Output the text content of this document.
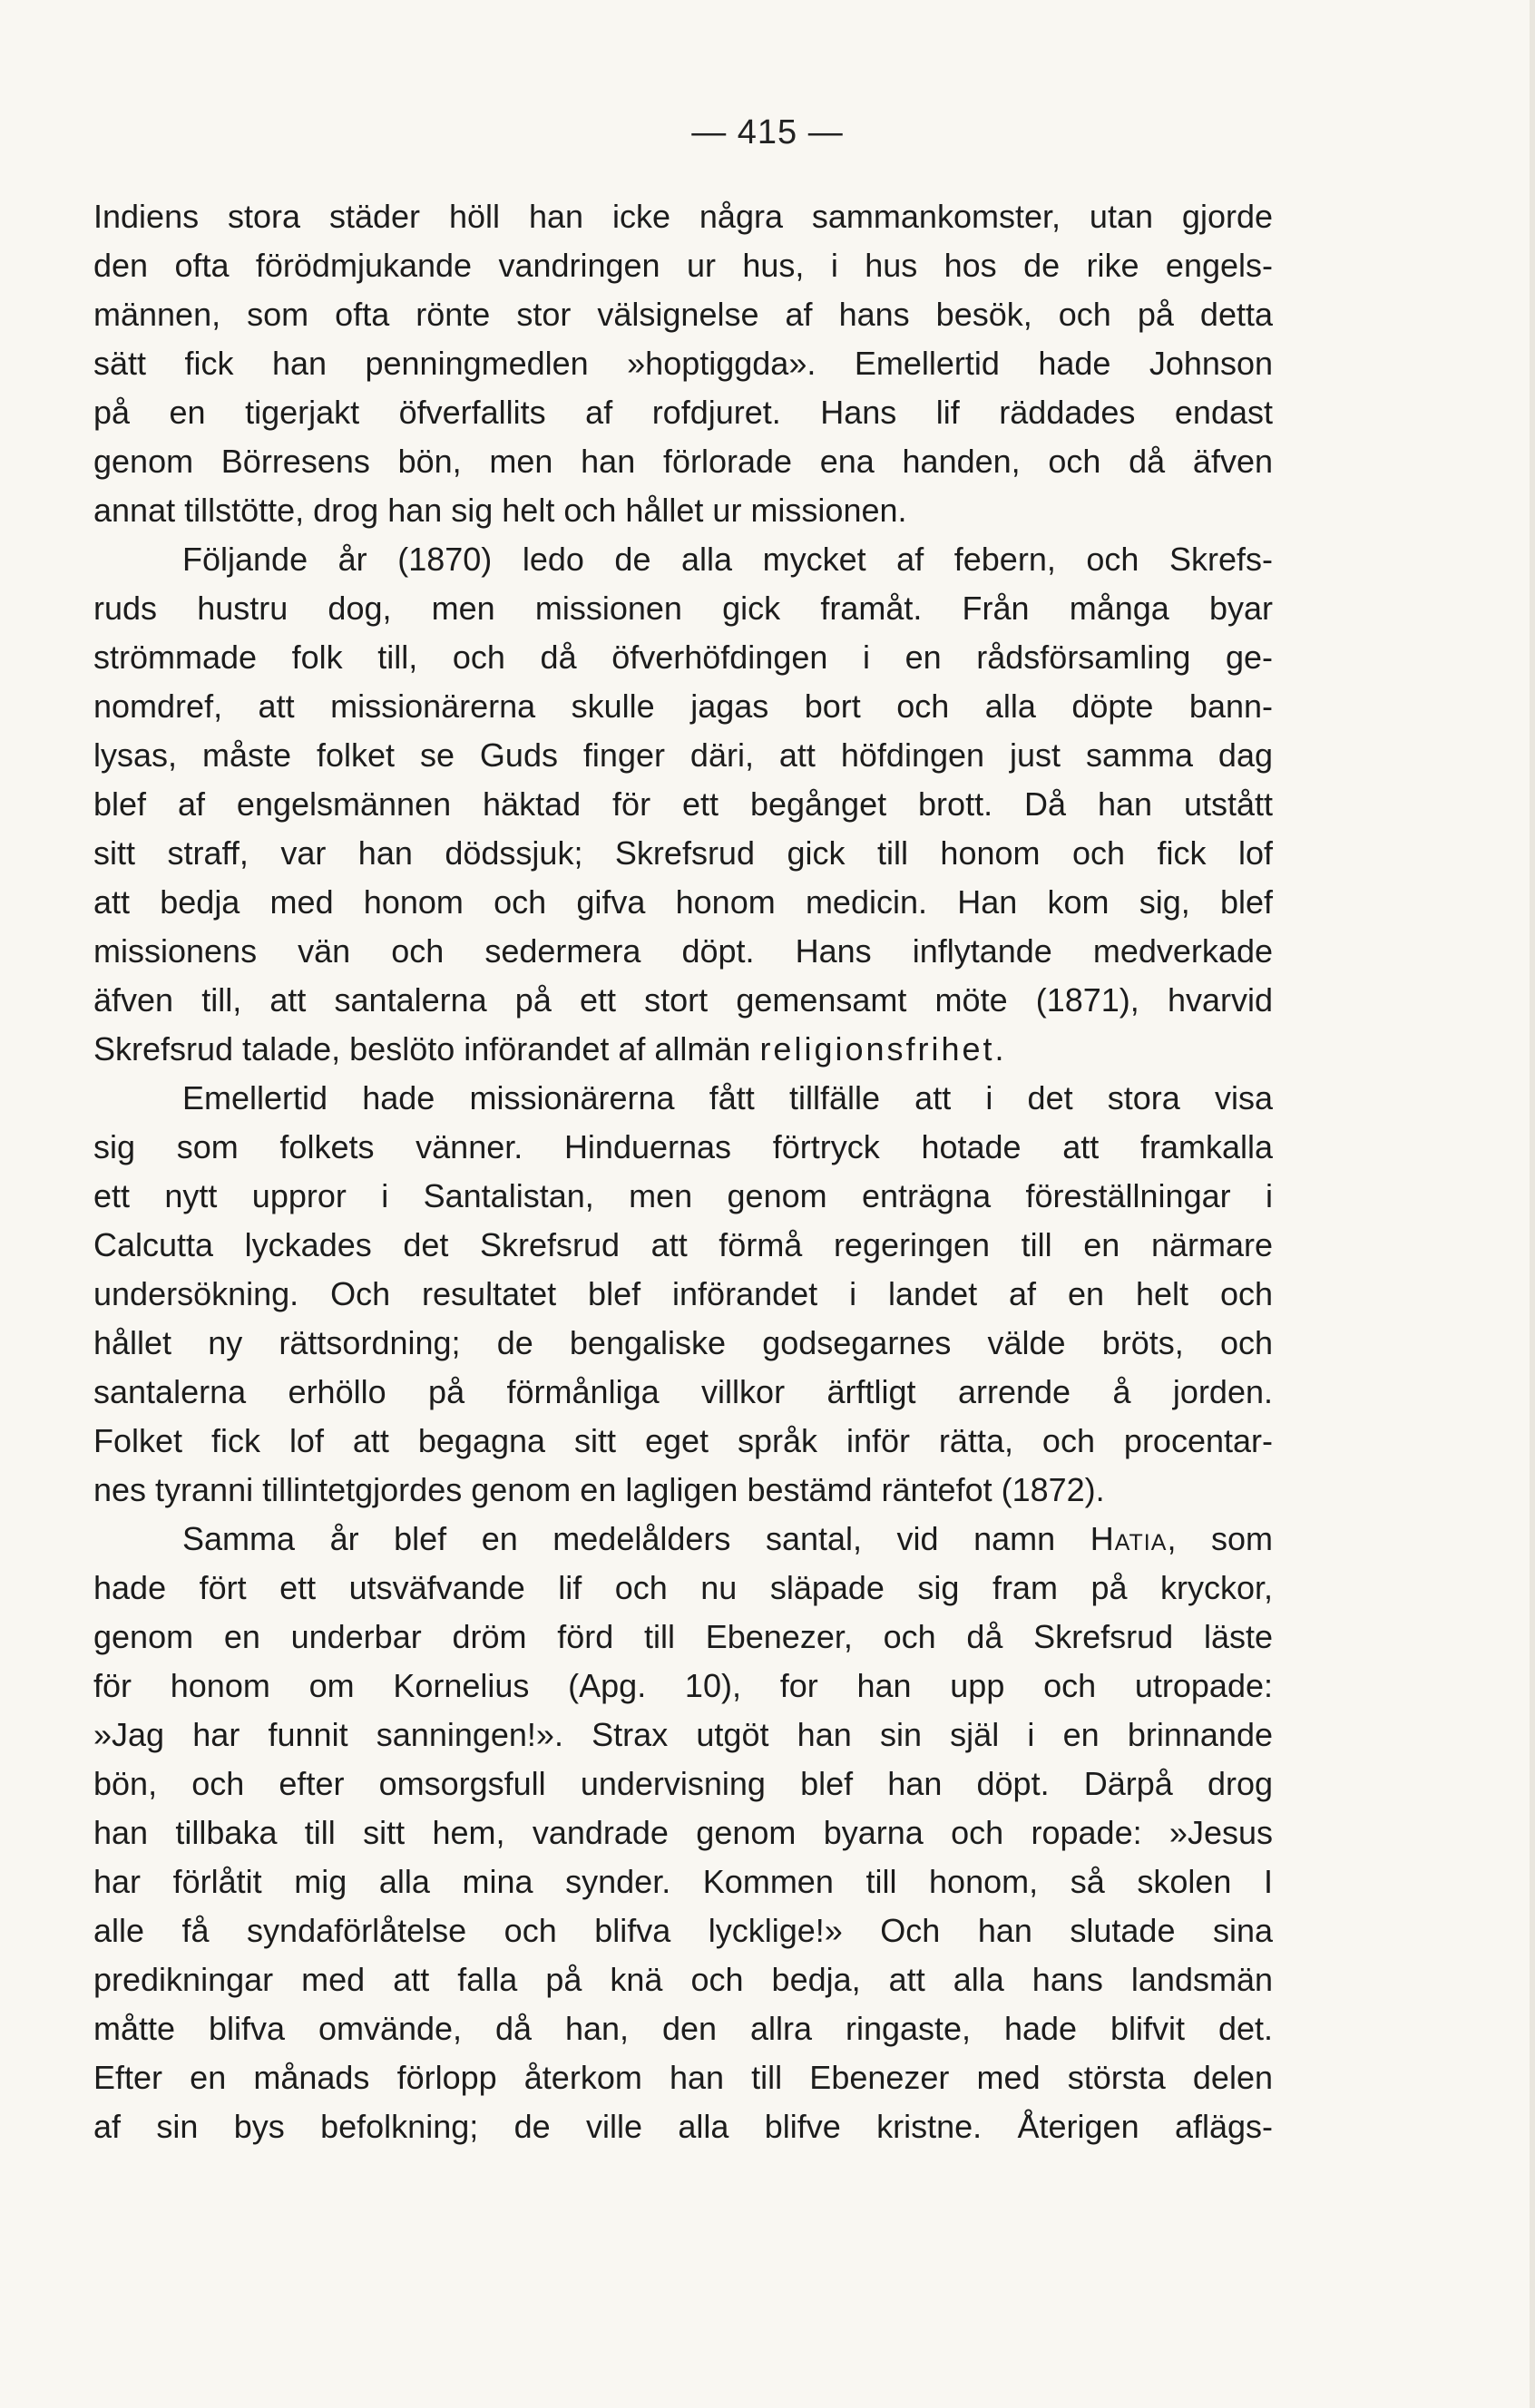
— 415 —
Indiens stora städer höll han icke några sammankomster, utan gjorde
den ofta förödmjukande vandringen ur hus, i hus hos de rike engels-
männen, som ofta rönte stor välsignelse af hans besök, och på detta
sätt fick han penningmedlen »hoptiggda». Emellertid hade Johnson
på en tigerjakt öfverfallits af rofdjuret. Hans lif räddades endast
genom Börresens bön, men han förlorade ena handen, och då äfven
annat tillstötte, drog han sig helt och hållet ur missionen.
Följande år (1870) ledo de alla mycket af febern, och Skrefs-
ruds hustru dog, men missionen gick framåt. Från många byar
strömmade folk till, och då öfverhöfdingen i en rådsförsamling ge-
nomdref, att missionärerna skulle jagas bort och alla döpte bann-
lysas, måste folket se Guds finger däri, att höfdingen just samma dag
blef af engelsmännen häktad för ett begånget brott. Då han utstått
sitt straff, var han dödssjuk; Skrefsrud gick till honom och fick lof
att bedja med honom och gifva honom medicin. Han kom sig, blef
missionens vän och sedermera döpt. Hans inflytande medverkade
äfven till, att santalerna på ett stort gemensamt möte (1871), hvarvid
Skrefsrud talade, beslöto införandet af allmän religionsfrihet.
Emellertid hade missionärerna fått tillfälle att i det stora visa
sig som folkets vänner. Hinduernas förtryck hotade att framkalla
ett nytt uppror i Santalistan, men genom enträgna föreställningar i
Calcutta lyckades det Skrefsrud att förmå regeringen till en närmare
undersökning. Och resultatet blef införandet i landet af en helt och
hållet ny rättsordning; de bengaliske godsegarnes välde bröts, och
santalerna erhöllo på förmånliga villkor ärftligt arrende å jorden.
Folket fick lof att begagna sitt eget språk inför rätta, och procentar-
nes tyranni tillintetgjordes genom en lagligen bestämd räntefot (1872).
Samma år blef en medelålders santal, vid namn Hatia, som
hade fört ett utsväfvande lif och nu släpade sig fram på kryckor,
genom en underbar dröm förd till Ebenezer, och då Skrefsrud läste
för honom om Kornelius (Apg. 10), for han upp och utropade:
»Jag har funnit sanningen!». Strax utgöt han sin själ i en brinnande
bön, och efter omsorgsfull undervisning blef han döpt. Därpå drog
han tillbaka till sitt hem, vandrade genom byarna och ropade: »Jesus
har förlåtit mig alla mina synder. Kommen till honom, så skolen I
alle få syndaförlåtelse och blifva lycklige!» Och han slutade sina
predikningar med att falla på knä och bedja, att alla hans landsmän
måtte blifva omvände, då han, den allra ringaste, hade blifvit det.
Efter en månads förlopp återkom han till Ebenezer med största delen
af sin bys befolkning; de ville alla blifve kristne. Återigen aflägs-
